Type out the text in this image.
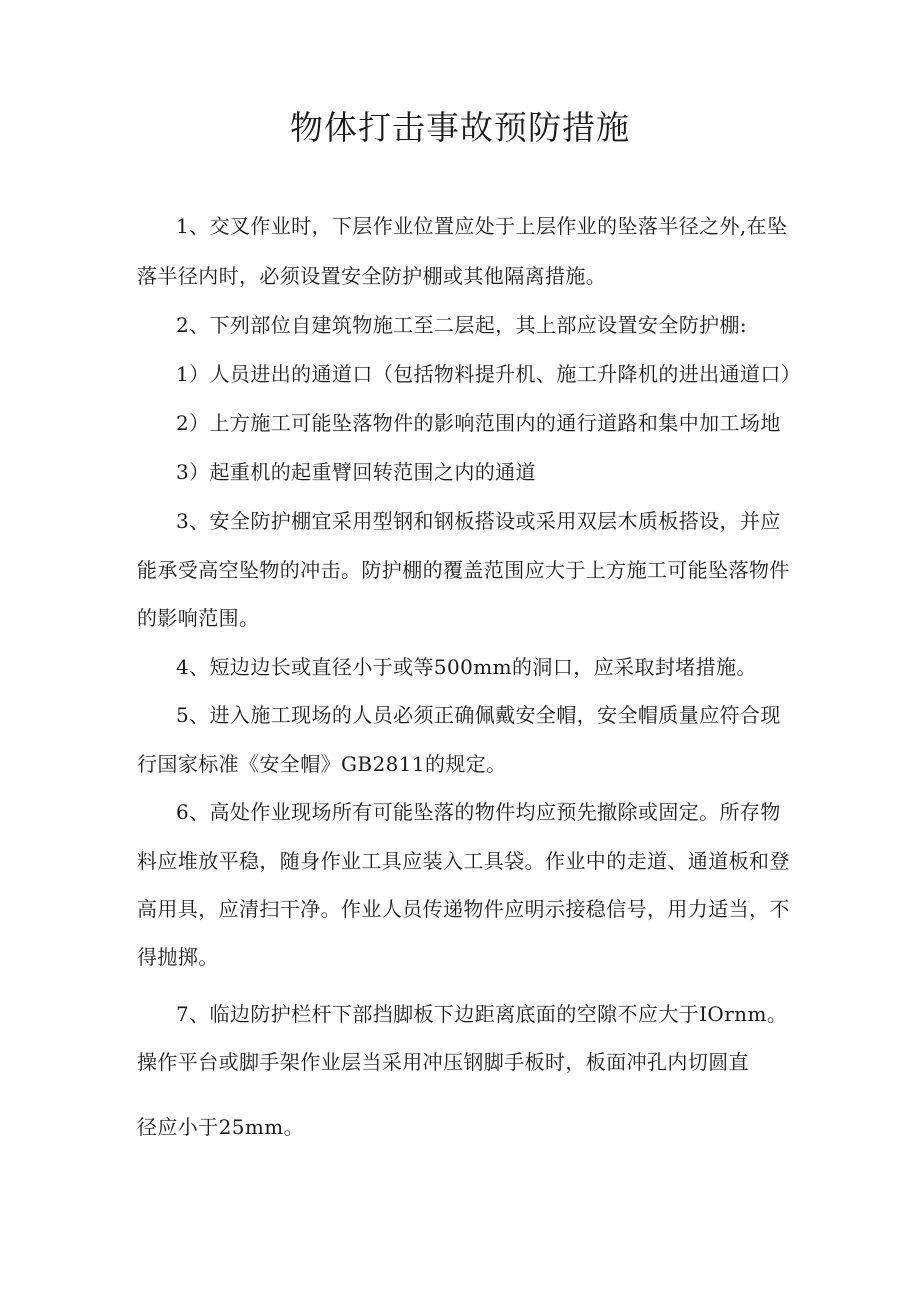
物体打击事故预防措施

1、交叉作业时，下层作业位置应处于上层作业的坠落半径之外,在坠

落半径内时，必须设置安全防护棚或其他隔离措施。

2、下列部位自建筑物施工至二层起，其上部应设置安全防护棚:

1）人员进出的通道口（包括物料提升机、施工升降机的进出通道口）

2）上方施工可能坠落物件的影响范围内的通行道路和集中加工场地

3）起重机的起重臂回转范围之内的通道

3、安全防护棚宜采用型钢和钢板搭设或采用双层木质板搭设，并应

能承受高空坠物的冲击。防护棚的覆盖范围应大于上方施工可能坠落物件

的影响范围。

4、短边边长或直径小于或等500mm的洞口，应采取封堵措施。

5、进入施工现场的人员必须正确佩戴安全帽，安全帽质量应符合现

行国家标准《安全帽》GB2811的规定。

6、高处作业现场所有可能坠落的物件均应预先撤除或固定。所存物

料应堆放平稳，随身作业工具应装入工具袋。作业中的走道、通道板和登

高用具，应清扫干净。作业人员传递物件应明示接稳信号，用力适当，不

得抛掷。

7、临边防护栏杆下部挡脚板下边距离底面的空隙不应大于IOrnm。

操作平台或脚手架作业层当采用冲压钢脚手板时，板面冲孔内切圆直

径应小于25mm。
